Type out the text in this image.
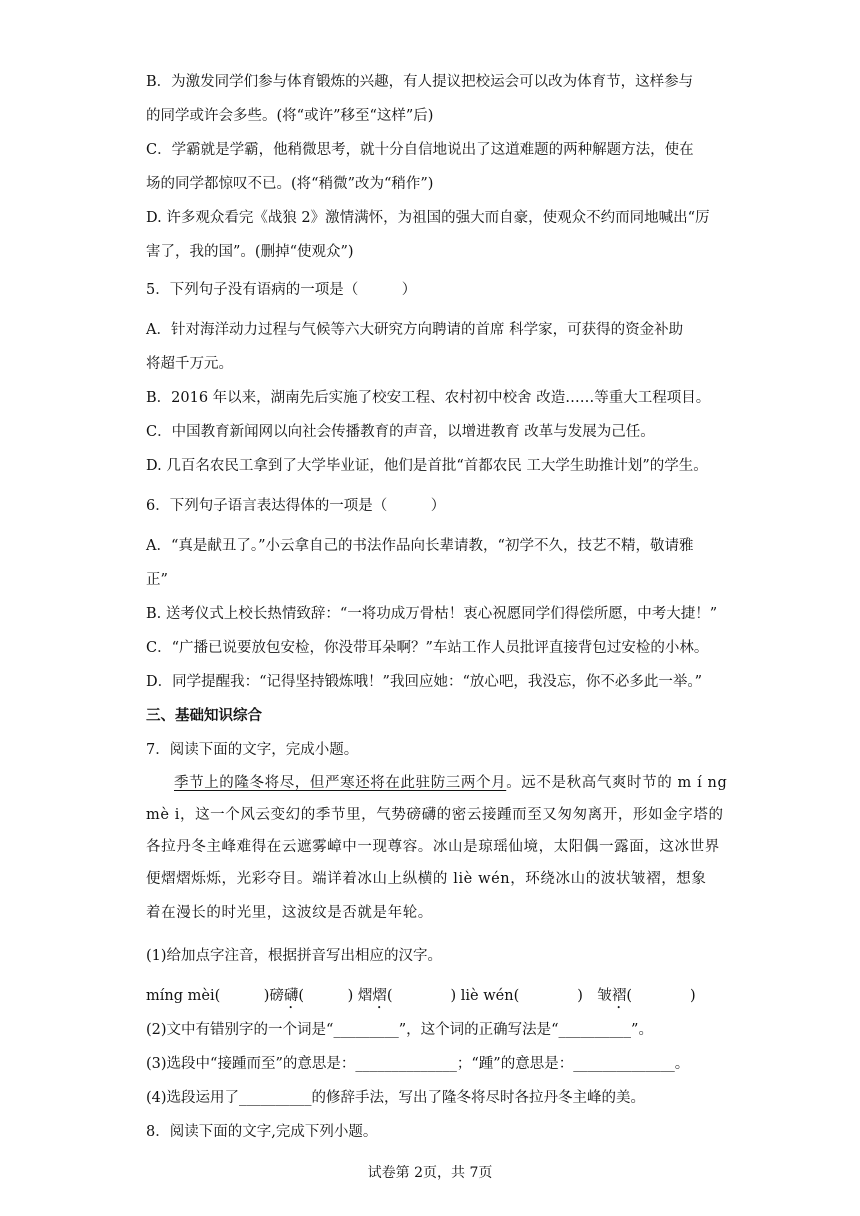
B．为激发同学们参与体育锻炼的兴趣，有人提议把校运会可以改为体育节，这样参与
的同学或许会多些。(将“或许”移至“这样”后)
C．学霸就是学霸，他稍微思考，就十分自信地说出了这道难题的两种解题方法，使在
场的同学都惊叹不已。(将“稍微”改为“稍作”)
D. 许多观众看完《战狼 2》激情满怀，为祖国的强大而自豪，使观众不约而同地喊出“厉
害了，我的国”。(删掉“使观众”)
5．下列句子没有语病的一项是（　　　）
A．针对海洋动力过程与气候等六大研究方向聘请的首席 科学家，可获得的资金补助
将超千万元。
B．2016 年以来，湖南先后实施了校安工程、农村初中校舍 改造……等重大工程项目。
C．中国教育新闻网以向社会传播教育的声音，以增进教育 改革与发展为己任。
D. 几百名农民工拿到了大学毕业证，他们是首批“首都农民 工大学生助推计划”的学生。
6．下列句子语言表达得体的一项是（　　　）
A．“真是献丑了。”小云拿自己的书法作品向长辈请教，“初学不久，技艺不精，敬请雅
正”
B. 送考仪式上校长热情致辞：“一将功成万骨枯！衷心祝愿同学们得偿所愿，中考大捷！”
C．“广播已说要放包安检，你没带耳朵啊？”车站工作人员批评直接背包过安检的小林。
D．同学提醒我：“记得坚持锻炼哦！”我回应她：“放心吧，我没忘，你不必多此一举。”
三、基础知识综合
7．阅读下面的文字，完成小题。
季节上的隆冬将尽，但严寒还将在此驻防三两个月。远不是秋高气爽时节的 m í ng
mè i，这一个风云变幻的季节里，气势磅礴的密云接踵而至又匆匆离开，形如金字塔的
各拉丹冬主峰难得在云遮雾嶂中一现尊容。冰山是琼瑶仙境，太阳偶一露面，这冰世界
便熠熠烁烁，光彩夺目。端详着冰山上纵横的 liè wén，环绕冰山的波状皱褶，想象
着在漫长的时光里，这波纹是否就是年轮。
(1)给加点字注音，根据拼音写出相应的汉字。
míng mèi(　　　)磅礴(　　　) 熠熠(　　　　) liè wén(　　　　)　皱褶(　　　　)
(2)文中有错别字的一个词是“_________”，这个词的正确写法是“__________”。
(3)选段中“接踵而至”的意思是：______________；“踵”的意思是：______________。
(4)选段运用了__________的修辞手法，写出了隆冬将尽时各拉丹冬主峰的美。
8．阅读下面的文字,完成下列小题。
试卷第 2页，共 7页
